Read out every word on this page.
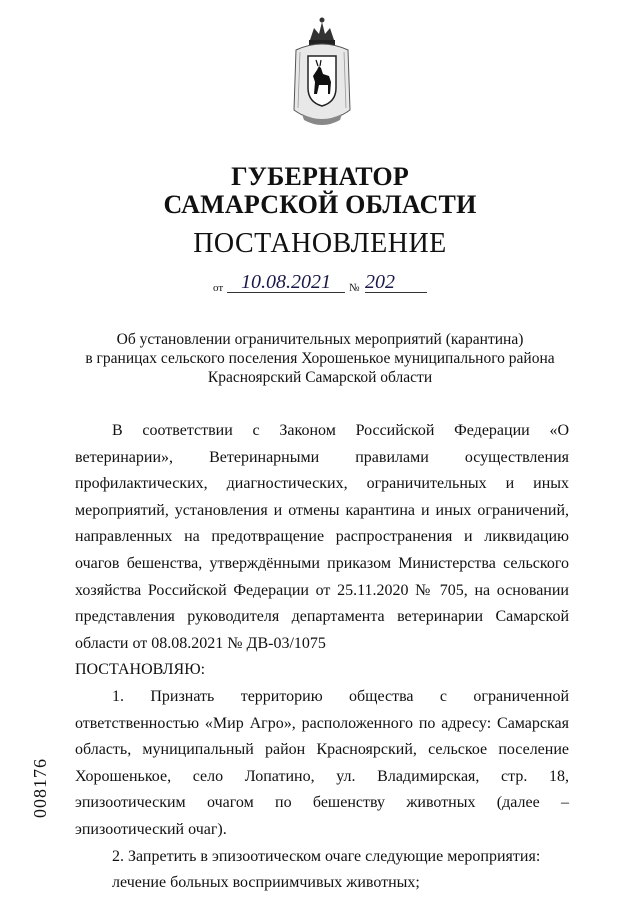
ГУБЕРНАТОР
САМАРСКОЙ ОБЛАСТИ
ПОСТАНОВЛЕНИЕ
от 10.08.2021	№ 202
Об установлении ограничительных мероприятий (карантина)
в границах сельского поселения Хорошенькое муниципального района
Красноярский Самарской области

В соответствии с Законом Российской Федерации «О ветеринарии», Ветеринарными правилами осуществления профилактических, диагностических, ограничительных и иных мероприятий, установления и отмены карантина и иных ограничений, направленных на предотвращение распространения и ликвидацию очагов бешенства, утверждёнными приказом Министерства сельского хозяйства Российской Федерации от 25.11.2020 № 705, на основании представления руководителя департамента ветеринарии Самарской области от 08.08.2021 № ДВ-03/1075

ПОСТАНОВЛЯЮ:

1. Признать территорию общества с ограниченной ответственностью «Мир Агро», расположенного по адресу: Самарская область, муниципальный район Красноярский, сельское поселение Хорошенькое, село Лопатино, ул. Владимирская, стр. 18, эпизоотическим очагом по бешенству животных (далее – эпизоотический очаг).

2. Запретить в эпизоотическом очаге следующие мероприятия:

лечение больных восприимчивых животных;

008176
